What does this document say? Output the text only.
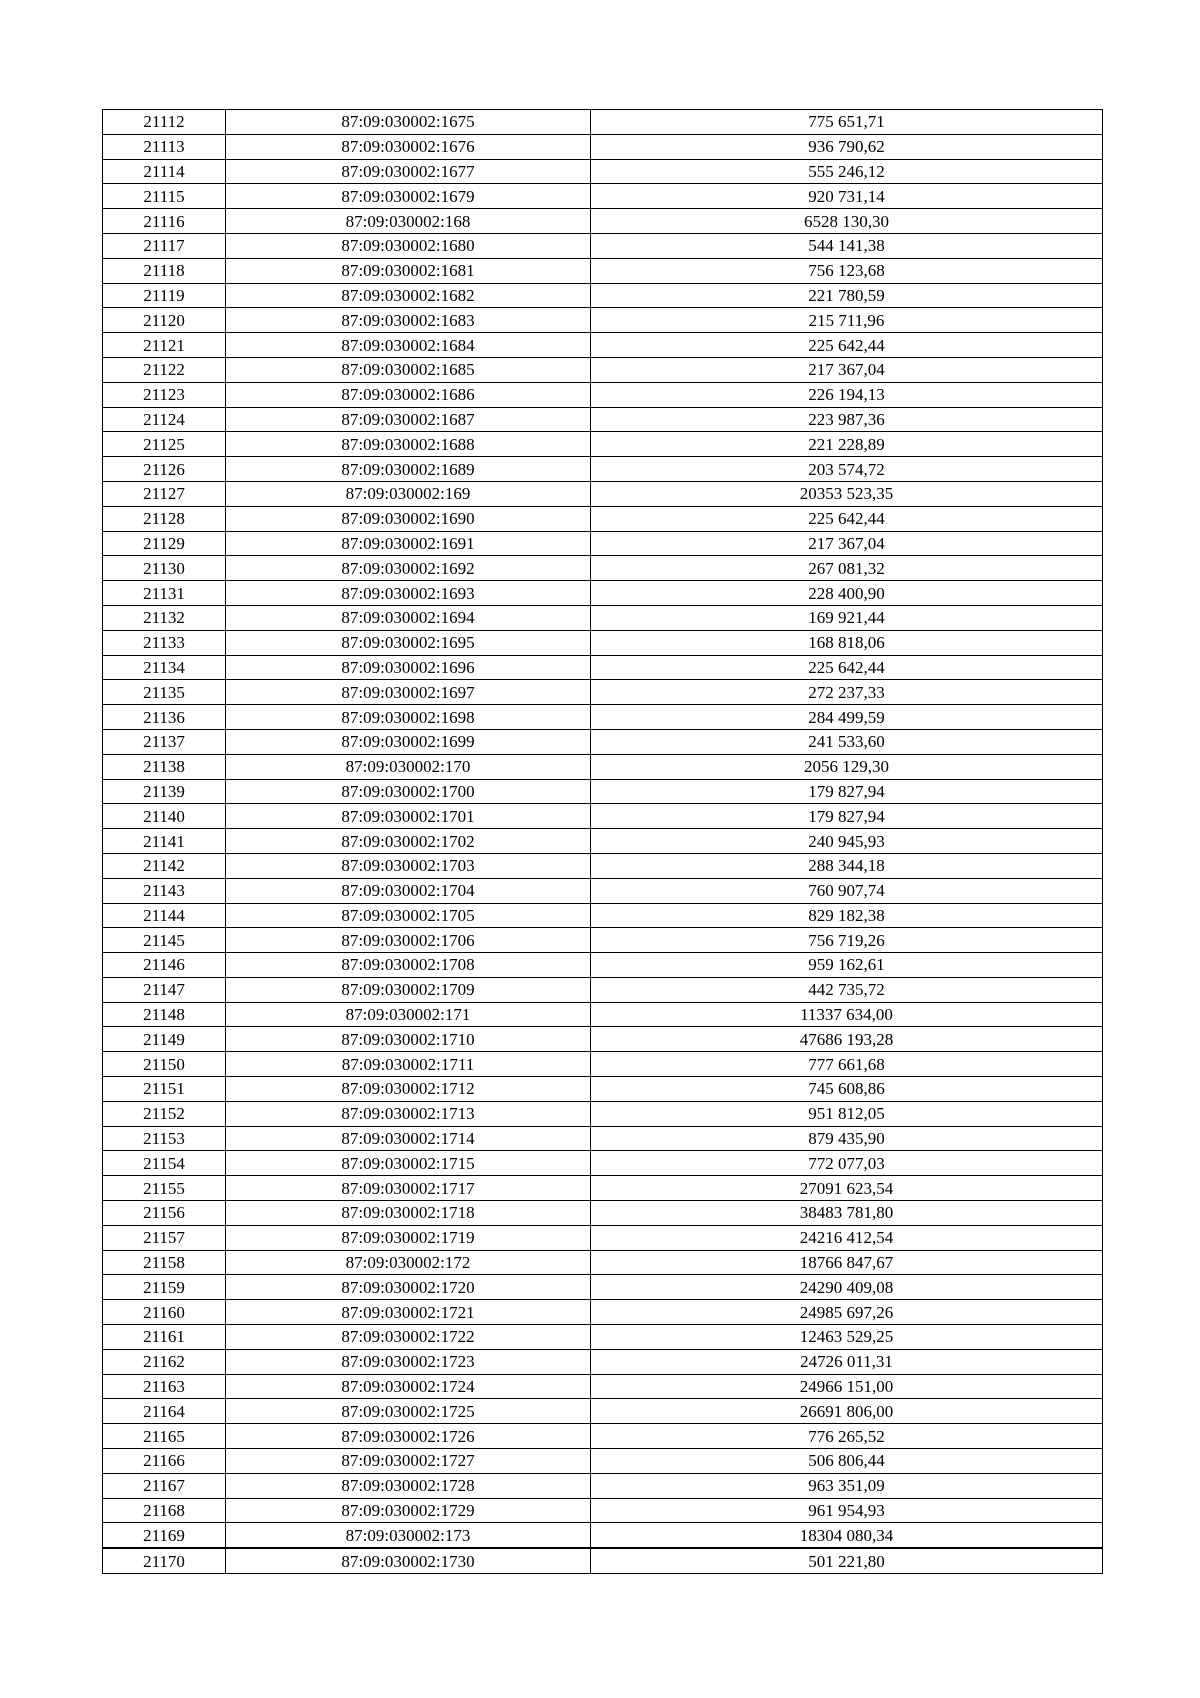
21112	87:09:030002:1675	775 651,71
21113	87:09:030002:1676	936 790,62
21114	87:09:030002:1677	555 246,12
21115	87:09:030002:1679	920 731,14
21116	87:09:030002:168	6528 130,30
21117	87:09:030002:1680	544 141,38
21118	87:09:030002:1681	756 123,68
21119	87:09:030002:1682	221 780,59
21120	87:09:030002:1683	215 711,96
21121	87:09:030002:1684	225 642,44
21122	87:09:030002:1685	217 367,04
21123	87:09:030002:1686	226 194,13
21124	87:09:030002:1687	223 987,36
21125	87:09:030002:1688	221 228,89
21126	87:09:030002:1689	203 574,72
21127	87:09:030002:169	20353 523,35
21128	87:09:030002:1690	225 642,44
21129	87:09:030002:1691	217 367,04
21130	87:09:030002:1692	267 081,32
21131	87:09:030002:1693	228 400,90
21132	87:09:030002:1694	169 921,44
21133	87:09:030002:1695	168 818,06
21134	87:09:030002:1696	225 642,44
21135	87:09:030002:1697	272 237,33
21136	87:09:030002:1698	284 499,59
21137	87:09:030002:1699	241 533,60
21138	87:09:030002:170	2056 129,30
21139	87:09:030002:1700	179 827,94
21140	87:09:030002:1701	179 827,94
21141	87:09:030002:1702	240 945,93
21142	87:09:030002:1703	288 344,18
21143	87:09:030002:1704	760 907,74
21144	87:09:030002:1705	829 182,38
21145	87:09:030002:1706	756 719,26
21146	87:09:030002:1708	959 162,61
21147	87:09:030002:1709	442 735,72
21148	87:09:030002:171	11337 634,00
21149	87:09:030002:1710	47686 193,28
21150	87:09:030002:1711	777 661,68
21151	87:09:030002:1712	745 608,86
21152	87:09:030002:1713	951 812,05
21153	87:09:030002:1714	879 435,90
21154	87:09:030002:1715	772 077,03
21155	87:09:030002:1717	27091 623,54
21156	87:09:030002:1718	38483 781,80
21157	87:09:030002:1719	24216 412,54
21158	87:09:030002:172	18766 847,67
21159	87:09:030002:1720	24290 409,08
21160	87:09:030002:1721	24985 697,26
21161	87:09:030002:1722	12463 529,25
21162	87:09:030002:1723	24726 011,31
21163	87:09:030002:1724	24966 151,00
21164	87:09:030002:1725	26691 806,00
21165	87:09:030002:1726	776 265,52
21166	87:09:030002:1727	506 806,44
21167	87:09:030002:1728	963 351,09
21168	87:09:030002:1729	961 954,93
21169	87:09:030002:173	18304 080,34
21170	87:09:030002:1730	501 221,80
